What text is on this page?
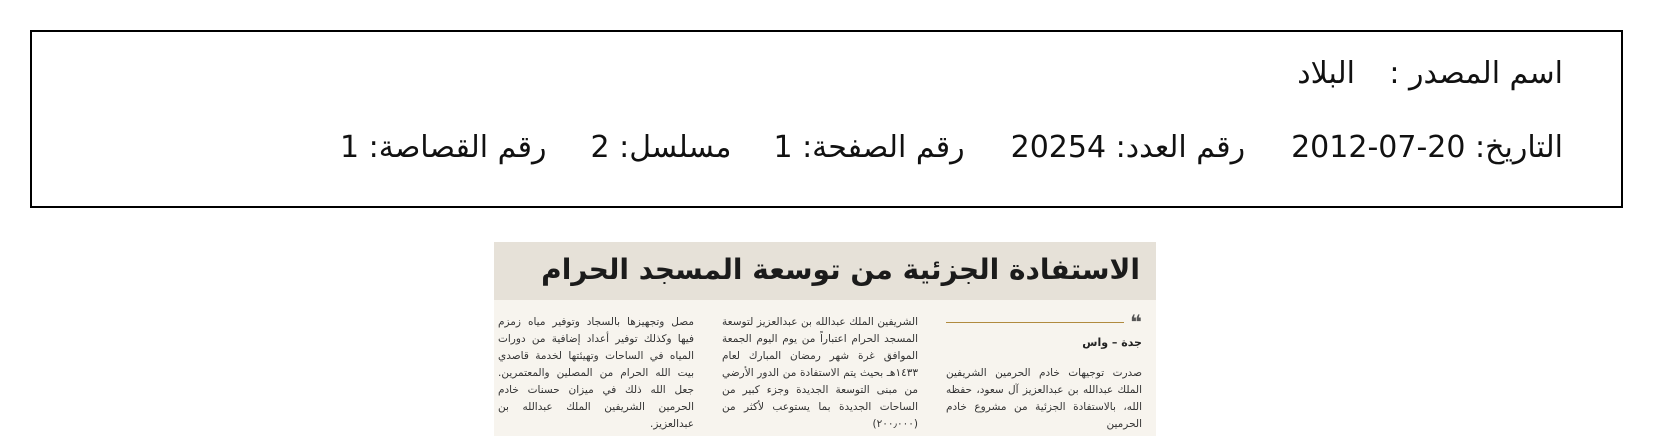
اسم المصدر :
البلاد
التاريخ: 20-07-2012
رقم العدد: 20254
رقم الصفحة: 1
مسلسل: 2
رقم القصاصة: 1
الاستفادة الجزئية من توسعة المسجد الحرام
❝
جدة – واس

صدرت توجيهات خادم الحرمين الشريفين الملك عبدالله بن عبدالعزيز آل سعود، حفظه الله، بالاستفادة الجزئية من مشروع خادم الحرمين

الشريفين الملك عبدالله بن عبدالعزيز لتوسعة المسجد الحرام اعتباراً من يوم اليوم الجمعة الموافق غرة شهر رمضان المبارك لعام ١٤٣٣هـ بحيث يتم الاستفادة من الدور الأرضي من مبنى التوسعة الجديدة وجزء كبير من الساحات الجديدة بما يستوعب لأكثر من (٢٠٠٫٠٠٠)

مصل وتجهيزها بالسجاد وتوفير مياه زمزم فيها وكذلك توفير أعداد إضافية من دورات المياه في الساحات وتهيئتها لخدمة قاصدي بيت الله الحرام من المصلين والمعتمرين. جعل الله ذلك في ميزان حسنات خادم الحرمين الشريفين الملك عبدالله بن عبدالعزيز.
